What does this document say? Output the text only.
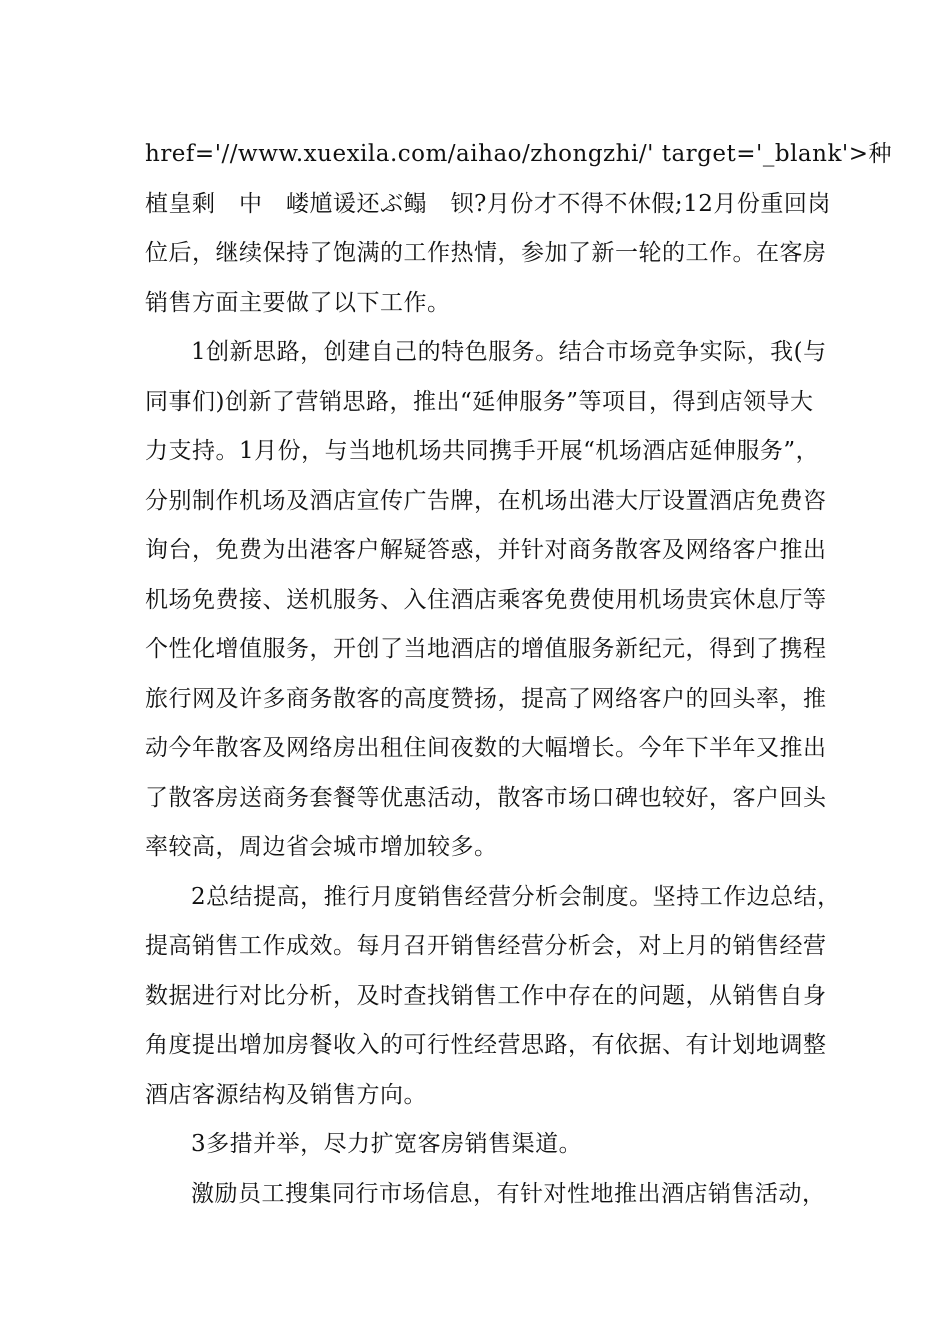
href='//www.xuexila.com/aihao/zhongzhi/' target='_blank'>种
植皇剩　中　嵝馗谖还ぶ鳎　钡?月份才不得不休假;12月份重回岗
位后，继续保持了饱满的工作热情，参加了新一轮的工作。在客房
销售方面主要做了以下工作。

1创新思路，创建自己的特色服务。结合市场竞争实际，我(与
同事们)创新了营销思路，推出“延伸服务”等项目，得到店领导大
力支持。1月份，与当地机场共同携手开展“机场酒店延伸服务”，
分别制作机场及酒店宣传广告牌，在机场出港大厅设置酒店免费咨
询台，免费为出港客户解疑答惑，并针对商务散客及网络客户推出
机场免费接、送机服务、入住酒店乘客免费使用机场贵宾休息厅等
个性化增值服务，开创了当地酒店的增值服务新纪元，得到了携程
旅行网及许多商务散客的高度赞扬，提高了网络客户的回头率，推
动今年散客及网络房出租住间夜数的大幅增长。今年下半年又推出
了散客房送商务套餐等优惠活动，散客市场口碑也较好，客户回头
率较高，周边省会城市增加较多。

2总结提高，推行月度销售经营分析会制度。坚持工作边总结，
提高销售工作成效。每月召开销售经营分析会，对上月的销售经营
数据进行对比分析，及时查找销售工作中存在的问题，从销售自身
角度提出增加房餐收入的可行性经营思路，有依据、有计划地调整
酒店客源结构及销售方向。

3多措并举，尽力扩宽客房销售渠道。

激励员工搜集同行市场信息，有针对性地推出酒店销售活动，
